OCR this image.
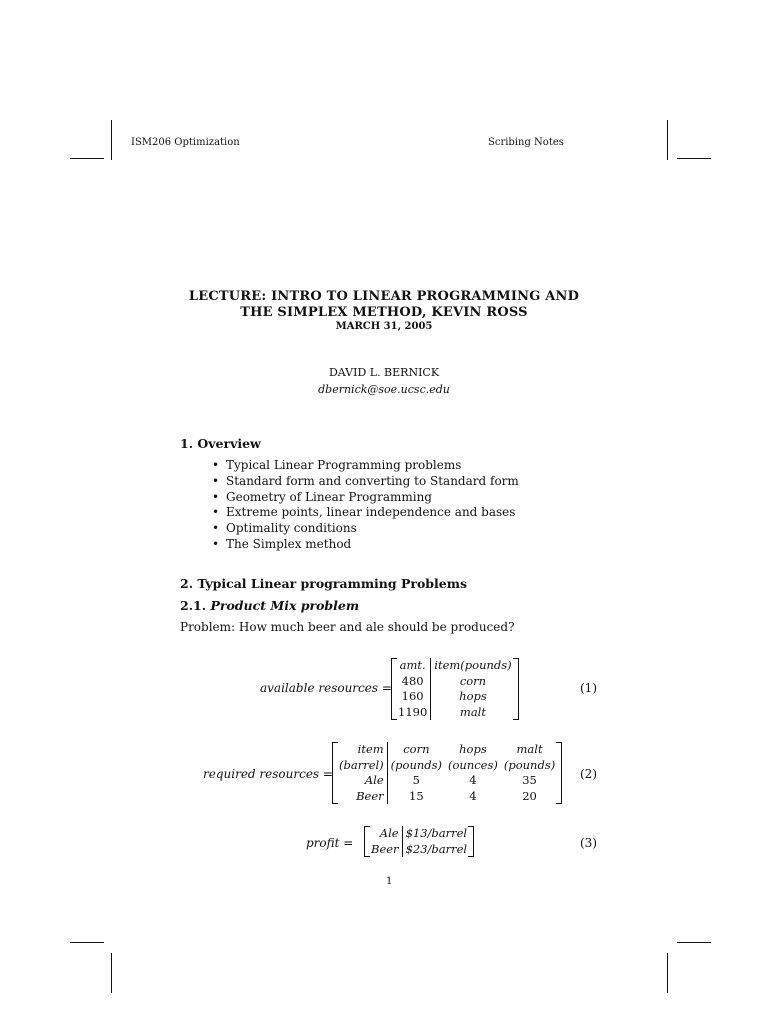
ISM206 Optimization	Scribing Notes
LECTURE: INTRO TO LINEAR PROGRAMMING AND
THE SIMPLEX METHOD, KEVIN ROSS
MARCH 31, 2005
DAVID L. BERNICK
dbernick@soe.ucsc.edu
1. Overview
• Typical Linear Programming problems
• Standard form and converting to Standard form
• Geometry of Linear Programming
• Extreme points, linear independence and bases
• Optimality conditions
• The Simplex method
2. Typical Linear programming Problems
2.1. Product Mix problem
Problem: How much beer and ale should be produced?
available resources =
amt.	item(pounds)
480	corn
160	hops
1190	malt
(1)
required resources =
item	corn	hops	malt
(barrel)	(pounds)	(ounces)	(pounds)
Ale	5	4	35
Beer	15	4	20
(2)
profit =
Ale	$13/barrel
Beer	$23/barrel	(3)
1
